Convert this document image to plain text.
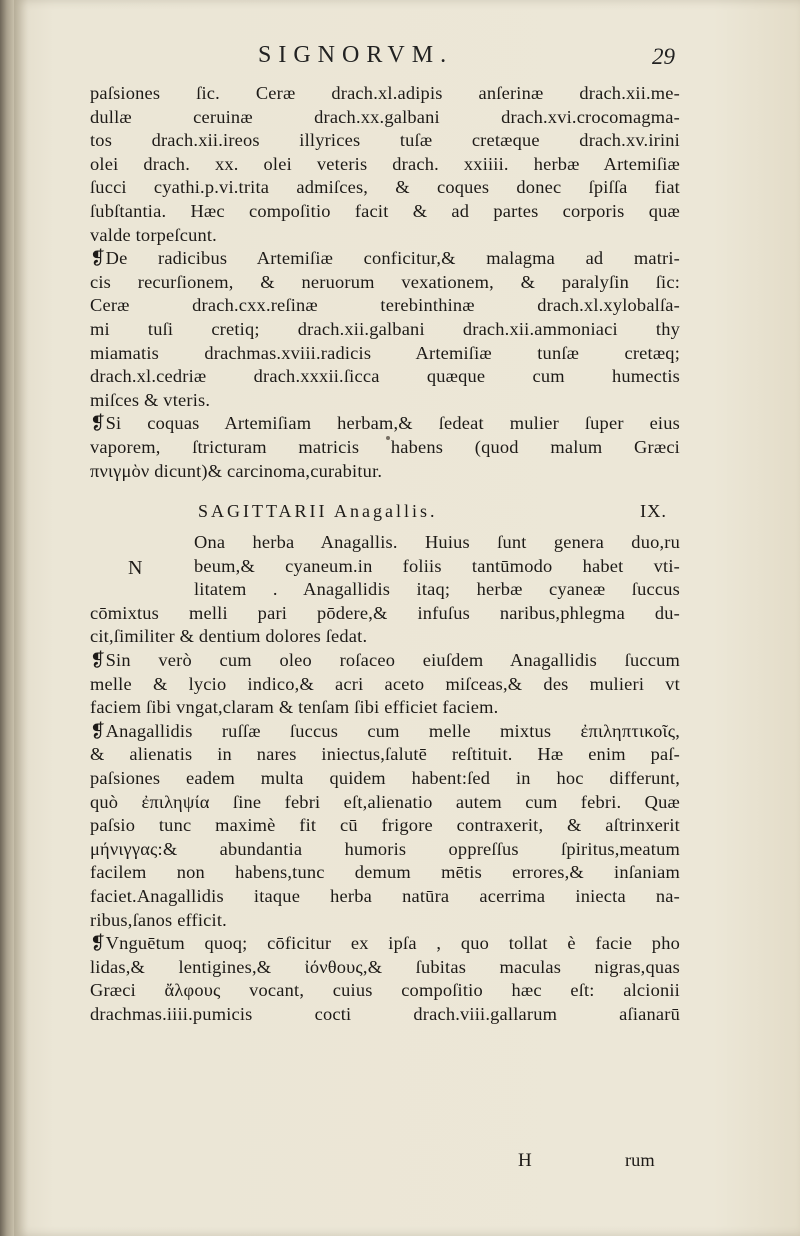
SIGNORVM.	29
paſsiones ſic. Ceræ drach.xl.adipis anſerinæ drach.xii.me-
dullæ ceruinæ drach.xx.galbani drach.xvi.crocomagma-
tos drach.xii.ireos illyrices tuſæ cretæque drach.xv.irini
olei drach. xx. olei veteris drach. xxiiii. herbæ Artemiſiæ
ſucci cyathi.p.vi.trita admiſces, & coques donec ſpiſſa fiat
ſubſtantia. Hæc compoſitio facit & ad partes corporis quæ
valde torpeſcunt.
❡De radicibus Artemiſiæ conficitur,& malagma ad matri-
cis recurſionem, & neruorum vexationem, & paralyſin ſic:
Ceræ drach.cxx.reſinæ terebinthinæ drach.xl.xylobalſa-
mi tuſi cretiq; drach.xii.galbani drach.xii.ammoniaci thy
miamatis drachmas.xviii.radicis Artemiſiæ tunſæ cretæq;
drach.xl.cedriæ drach.xxxii.ſicca quæque cum humectis
miſces & vteris.
❡Si coquas Artemiſiam herbam,& ſedeat mulier ſuper eius
vaporem, ſtricturam matricis habens (quod malum Græci
πνιγμὸν dicunt)& carcinoma,curabitur.
SAGITTARII Anagallis.	IX.
N
Ona herba Anagallis. Huius ſunt genera duo,ru
beum,& cyaneum.in foliis tantūmodo habet vti-
litatem . Anagallidis itaq; herbæ cyaneæ ſuccus
cōmixtus melli pari pōdere,& infuſus naribus,phlegma du-
cit,ſimiliter & dentium dolores ſedat.
❡Sin verò cum oleo roſaceo eiuſdem Anagallidis ſuccum
melle & lycio indico,& acri aceto miſceas,& des mulieri vt
faciem ſibi vngat,claram & tenſam ſibi efficiet faciem.
❡Anagallidis ruſſæ ſuccus cum melle mixtus ἐπιληπτικοῖς,
& alienatis in nares iniectus,ſalutē reſtituit. Hæ enim paſ-
paſsiones eadem multa quidem habent:ſed in hoc differunt,
quò ἐπιληψία ſine febri eſt,alienatio autem cum febri. Quæ
paſsio tunc maximè fit cū frigore contraxerit, & aſtrinxerit
μήνιγγας:& abundantia humoris oppreſſus ſpiritus,meatum
facilem non habens,tunc demum mētis errores,& inſaniam
faciet.Anagallidis itaque herba natūra acerrima iniecta na-
ribus,ſanos efficit.
❡Vnguētum quoq; cōficitur ex ipſa , quo tollat è facie pho
lidas,& lentigines,& ἰόνθους,& ſubitas maculas nigras,quas
Græci ἄλφους vocant, cuius compoſitio hæc eſt: alcionii
drachmas.iiii.pumicis cocti drach.viii.gallarum aſianarū
H	rum
